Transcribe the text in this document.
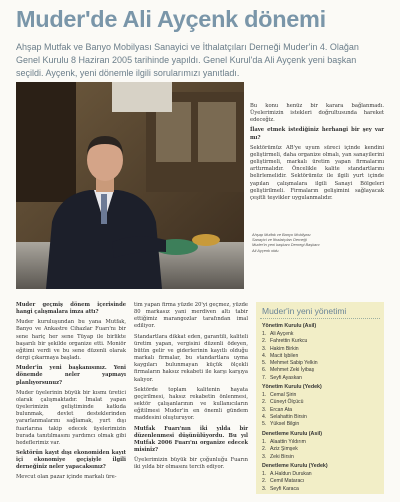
Muder'de Ali Ayçenk dönemi
Ahşap Mutfak ve Banyo Mobilyası Sanayici ve İthalatçıları Derneği Muder'in 4. Olağan Genel Kurulu 8 Haziran 2005 tarihinde yapıldı. Genel Kurul'da Ali Ayçenk yeni başkan seçildi. Ayçenk, yeni dönemle ilgili sorularımızı yanıtladı.
Ahşap Mutfak ve Banyo Mobilyası Sanayici ve İthalatçıları Derneği Muder'in yeni başkanı Dernegi Başkanı Ali Ayçenk oldu.

Bu konu henüz bir karara bağlanmadı. Üyelerimizin istekleri doğrultusunda hareket edeceğiz.

İlave etmek istediğiniz herhangi bir şey var mı?

Sektörümüz AB'ye uyum süreci içinde kendini geliştirmeli, daha organize olmalı, yan sanayilerini geliştirmeli, markalı üretim yapan firmalarını arttırmalıdır. Öncelikle kalite standartlarını belirlemelidir. Sektörümüz ile ilgili yurt içinde yapılan çalışmalara ilgili Sanayi Bölgeleri geliştirilmeli. Firmaların gelişimini sağlayacak çeşitli teşvikler uygulanmalıdır.

Muder geçmiş dönem içerisinde hangi çalışmalara imza attı?

Muder kuruluşundan bu yana Mutfak, Banyo ve Ankastre Cihazlar Fuarı'nı bir sene hariç her sene Tüyap ile birlikte başarılı bir şekilde organize etti. Moniör eğitimi verdi ve bu sene düzenli olarak dergi çıkarmaya başladı.

Muder'in yeni başkanısınız. Yeni dönemde neler yapmayı planlıyorsunuz?

Muder üyelerinin büyük bir kısmı üretici olarak çalışmaktadır. İmalat yapan üyelerimizin geliştiminde katkıda bulunmak, devlet desteklerinden yararlanmalarını sağlamak, yurt dışı fuarlarına takip edecek üyelerimizin burada tanıtılmasını yardımcı olmak gibi hedeflerimiz var.

Sektörün kayıt dışı ekonomiden kayıt içi ekonomiye geçişiyle ilgili derneğiniz neler yapacaksınız?

Mevcut olan pazar içinde markalı üre-

tim yapan firma yüzde 20'yi geçmez, yüzde 80 markasız yani merdiven altı tabir ettiğimiz marangozlar tarafından imal ediliyor.

Standartlara dikkat eden, garantili, kaliteli üretim yapan, vergisini düzenli ödeyen, bütün gelir ve giderlerinin kayıtlı olduğu markalı firmalar, bu standartlara uyma kaygıları bulunmayan küçük ölçekli firmaların haksız rekabeti ile karşı karşıya kalıyor.

Sektörde toplam kalitenin hayata geçirilmesi, haksız rekabetin önlenmesi, sektör çalışanlarının ve kullanıcıların eğitilmesi Muder'in en önemli gündem maddesini oluşturuyor.

Mutfak Fuarı'nın iki yılda bir düzenlenmesi düşünülüyordu. Bu yıl Mutfak 2006 Fuarı'nı organize edecek misiniz?

Üyelerimizin büyük bir çoğunluğu Fuarın iki yılda bir olmasını tercih ediyor.

Muder'in yeni yönetimi
Yönetim Kurulu (Asil)
1. Ali Ayçenk
2. Fahrettin Kurkcu
3. Hakim Birkin
4. Macit Işbilen
5. Mehmet Sabip Yelkin
6. Mehmet Zeki İyibaş
7. Seyfi Ayaskan
Yönetim Kurulu (Yedek)
1. Cemal Şirin
2. Cüneyt Ölçücü
3. Ercan Ata
4. Selahattin Birsin
5. Yüksel Bilgin
Denetleme Kurulu (Asil)
1. Alaattin Yıldırım
2. Aziz Şimşek
3. Zeki Birsin
Denetleme Kurulu (Yedek)
1. A.Haldun Durukan
2. Cemil Mataracı
3. Seyfi Karaca
